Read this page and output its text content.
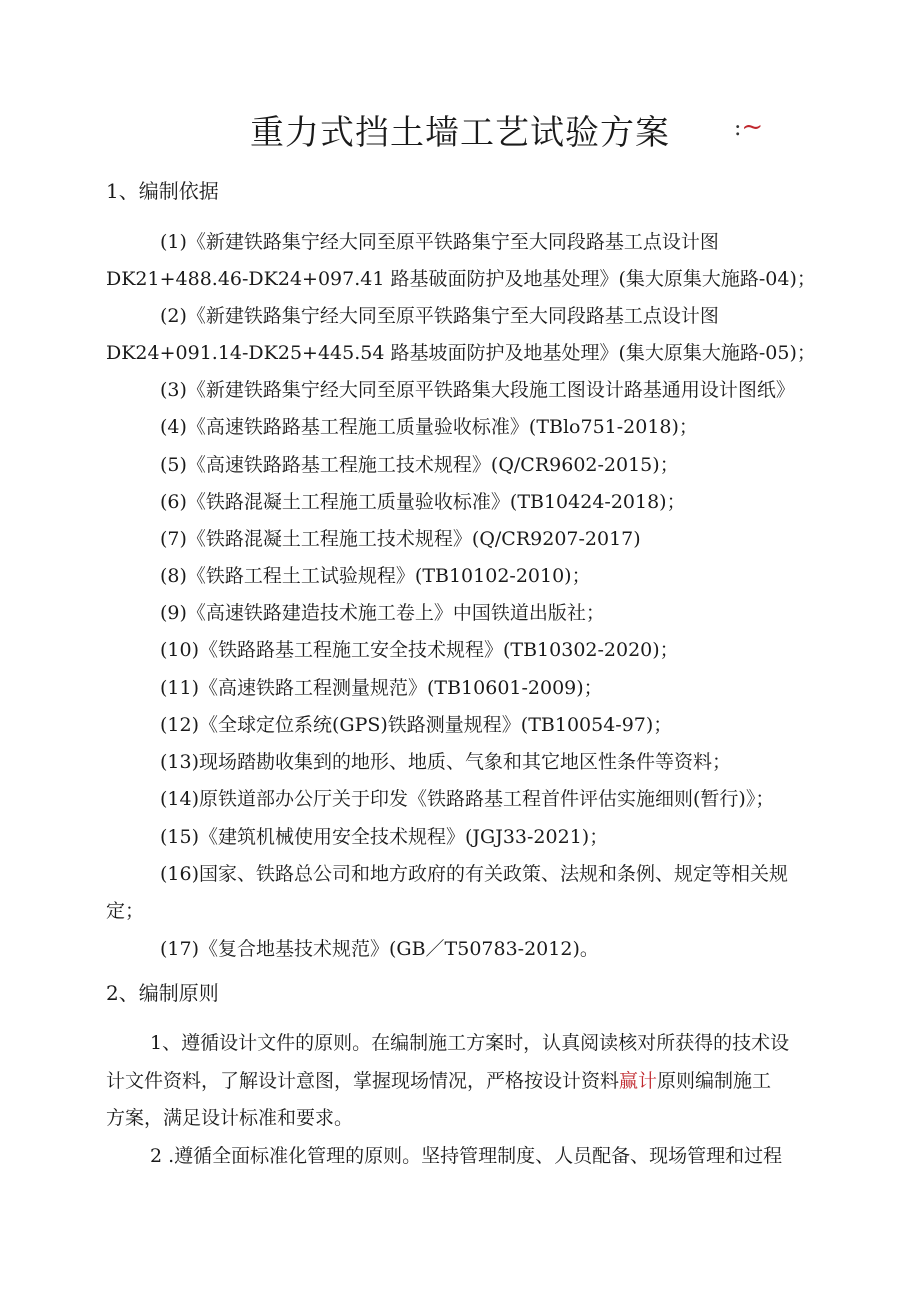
重力式挡土墙工艺试验方案	:~
1、编制依据
(1)《新建铁路集宁经大同至原平铁路集宁至大同段路基工点设计图
DK21+488.46-DK24+097.41 路基破面防护及地基处理》(集大原集大施路-04)；
(2)《新建铁路集宁经大同至原平铁路集宁至大同段路基工点设计图
DK24+091.14-DK25+445.54 路基坡面防护及地基处理》(集大原集大施路-05)；
(3)《新建铁路集宁经大同至原平铁路集大段施工图设计路基通用设计图纸》
(4)《高速铁路路基工程施工质量验收标准》(TBlo751-2018)；
(5)《高速铁路路基工程施工技术规程》(Q/CR9602-2015)；
(6)《铁路混凝土工程施工质量验收标准》(TB10424-2018)；
(7)《铁路混凝土工程施工技术规程》(Q/CR9207-2017)
(8)《铁路工程土工试验规程》(TB10102-2010)；
(9)《高速铁路建造技术施工卷上》中国铁道出版社；
(10)《铁路路基工程施工安全技术规程》(TB10302-2020)；
(11)《高速铁路工程测量规范》(TB10601-2009)；
(12)《全球定位系统(GPS)铁路测量规程》(TB10054-97)；
(13)现场踏勘收集到的地形、地质、气象和其它地区性条件等资料；
(14)原铁道部办公厅关于印发《铁路路基工程首件评估实施细则(暂行)》；
(15)《建筑机械使用安全技术规程》(JGJ33-2021)；
(16)国家、铁路总公司和地方政府的有关政策、法规和条例、规定等相关规
定；
(17)《复合地基技术规范》(GB／T50783-2012)。
2、编制原则
1、遵循设计文件的原则。在编制施工方案时，认真阅读核对所获得的技术设
计文件资料，了解设计意图，掌握现场情况，严格按设计资料赢计原则编制施工
方案，满足设计标准和要求。
2 .遵循全面标准化管理的原则。坚持管理制度、人员配备、现场管理和过程
